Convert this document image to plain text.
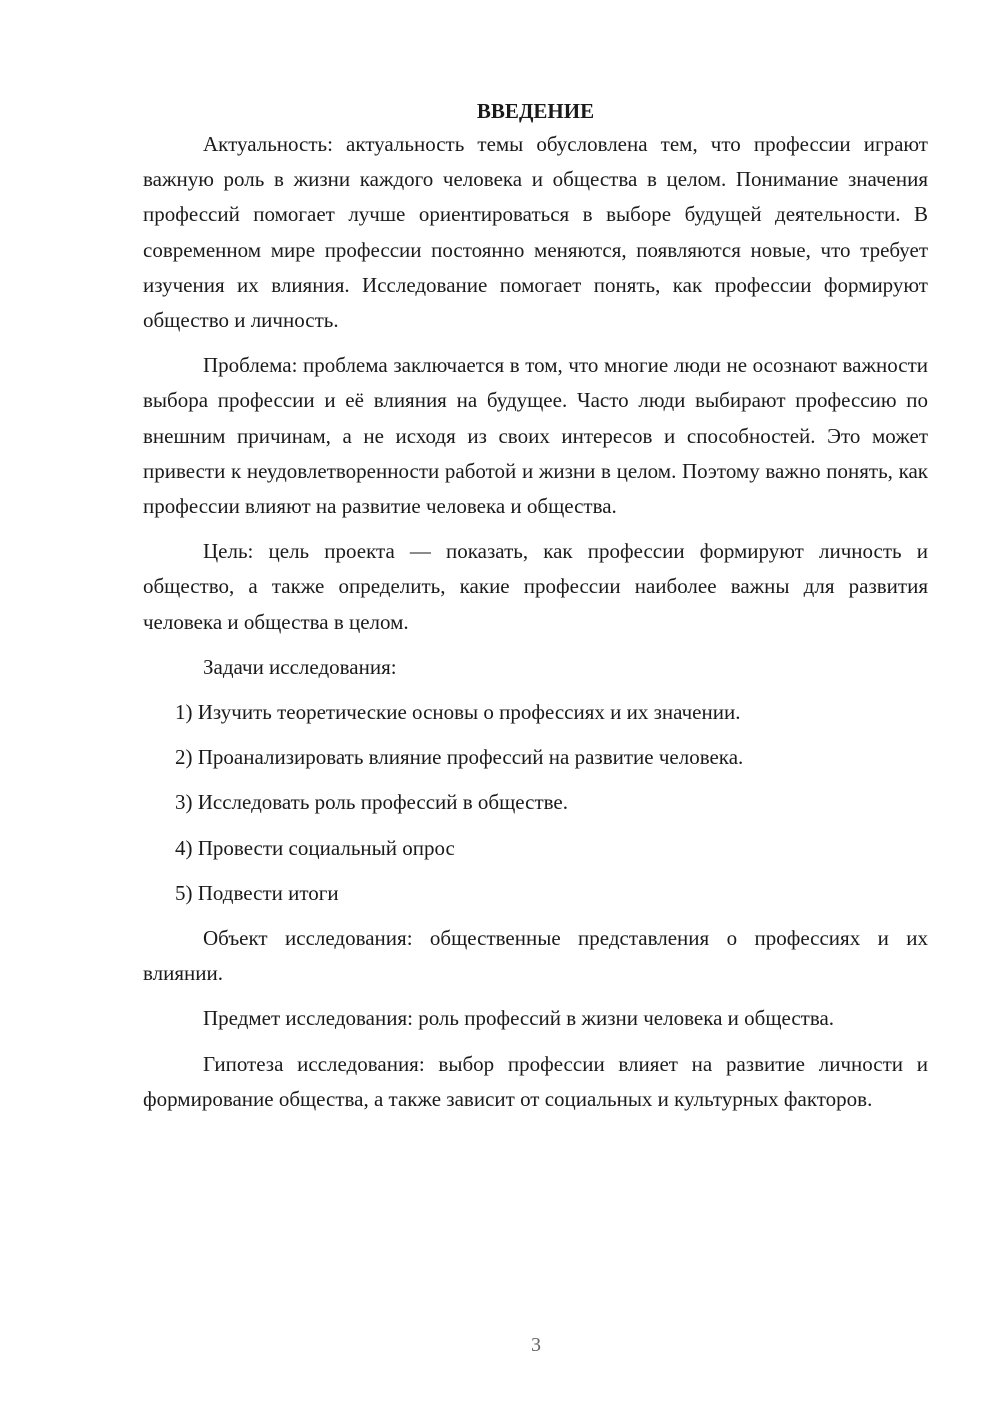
ВВЕДЕНИЕ

Актуальность: актуальность темы обусловлена тем, что профессии играют важную роль в жизни каждого человека и общества в целом. Понимание значения профессий помогает лучше ориентироваться в выборе будущей деятельности. В современном мире профессии постоянно меняются, появляются новые, что требует изучения их влияния. Исследование помогает понять, как профессии формируют общество и личность.

Проблема: проблема заключается в том, что многие люди не осознают важности выбора профессии и её влияния на будущее. Часто люди выбирают профессию по внешним причинам, а не исходя из своих интересов и способностей. Это может привести к неудовлетворенности работой и жизни в целом. Поэтому важно понять, как профессии влияют на развитие человека и общества.

Цель: цель проекта — показать, как профессии формируют личность и общество, а также определить, какие профессии наиболее важны для развития человека и общества в целом.

Задачи исследования:

1) Изучить теоретические основы о профессиях и их значении.
2) Проанализировать влияние профессий на развитие человека.
3) Исследовать роль профессий в обществе.
4) Провести социальный опрос
5) Подвести итоги

Объект исследования: общественные представления о профессиях и их влиянии.

Предмет исследования: роль профессий в жизни человека и общества.

Гипотеза исследования: выбор профессии влияет на развитие личности и формирование общества, а также зависит от социальных и культурных факторов.

3
